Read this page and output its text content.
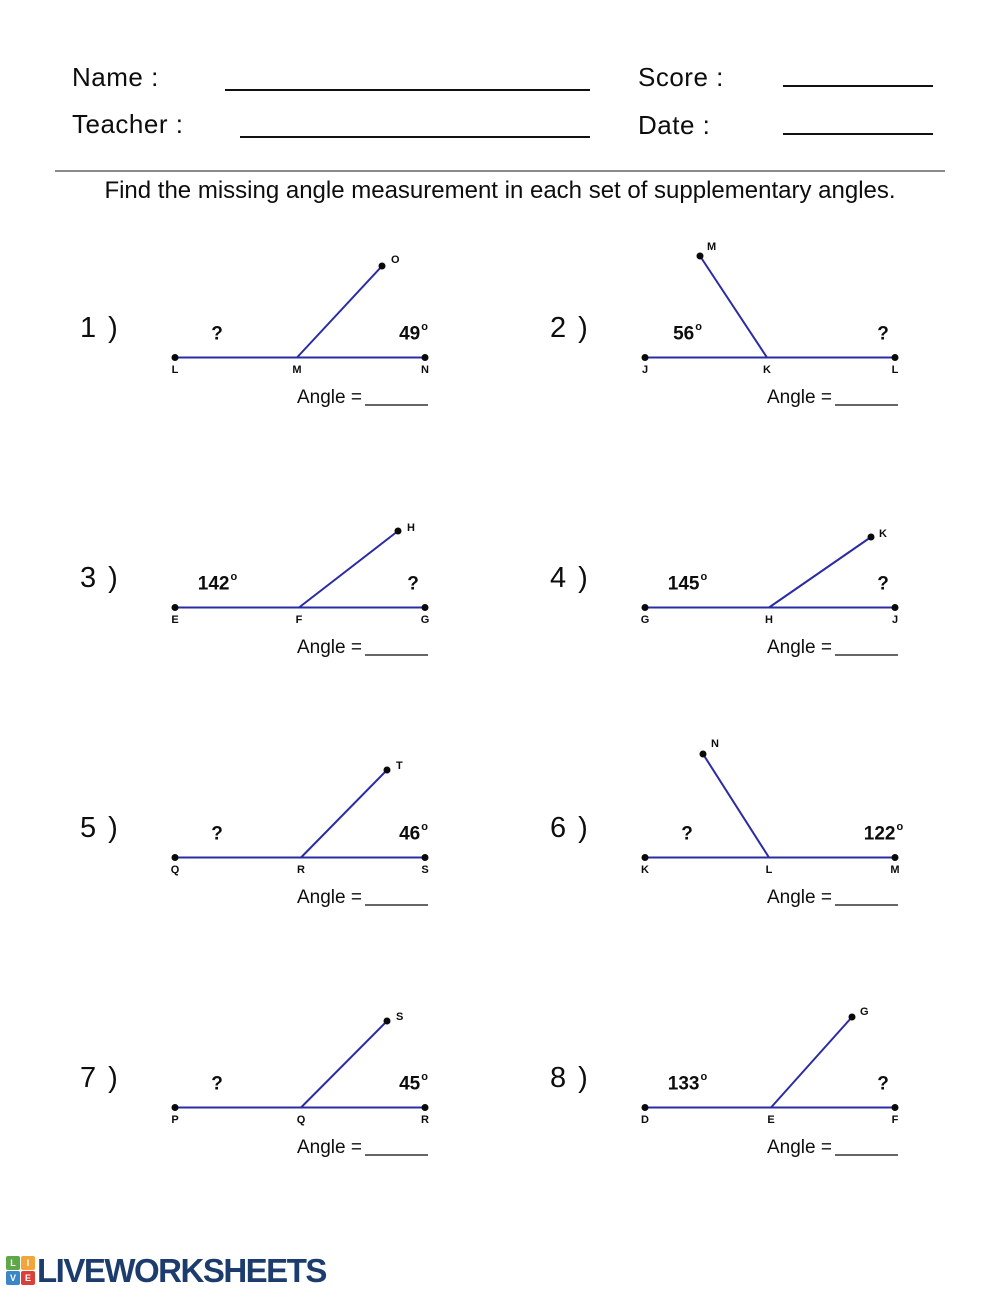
Name :	Score :
Teacher :	Date :
Find the missing angle measurement in each set of supplementary angles.
1 )	?	49$^o$
L	M	N
O
Angle =
2 )	56$^o$	?
J	K	L
M
Angle =
3 )	142$^o$	?
E	F	G
H
Angle =
4 )	145$^o$	?
G	H	J
K
Angle =
5 )	?	46$^o$
Q	R	S
T
Angle =
6 )	?	122$^o$
K	L	M
N
Angle =
7 )	?	45$^o$
P	Q	R
S
Angle =
8 )	133$^o$	?
D	E	F
G
Angle =
L	I
V E LIVEWORKSHEETS
